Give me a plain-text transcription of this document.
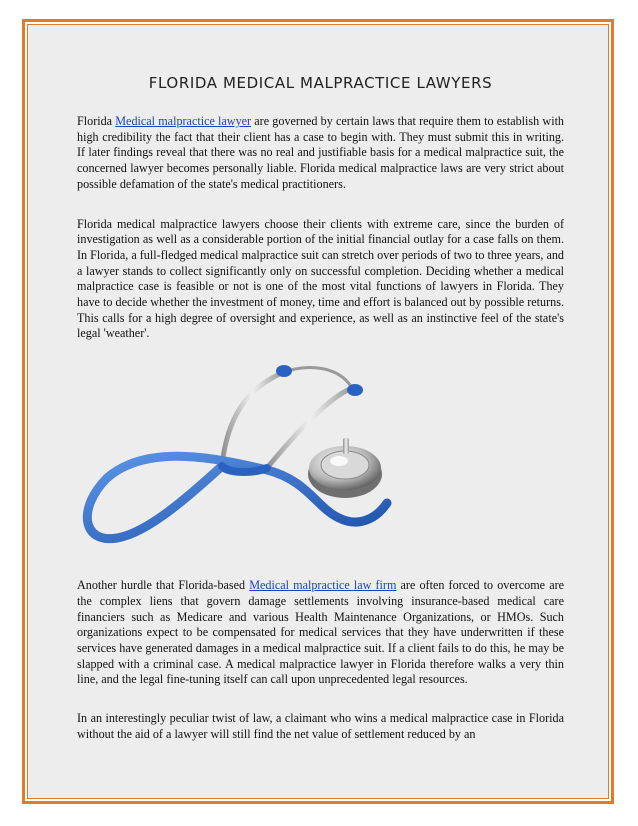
FLORIDA MEDICAL MALPRACTICE LAWYERS

Florida Medical malpractice lawyer are governed by certain laws that require them to establish with high credibility the fact that their client has a case to begin with. They must submit this in writing. If later findings reveal that there was no real and justifiable basis for a medical malpractice suit, the concerned lawyer becomes personally liable. Florida medical malpractice laws are very strict about possible defamation of the state's medical practitioners.

Florida medical malpractice lawyers choose their clients with extreme care, since the burden of investigation as well as a considerable portion of the initial financial outlay for a case falls on them. In Florida, a full-fledged medical malpractice suit can stretch over periods of two to three years, and a lawyer stands to collect significantly only on successful completion. Deciding whether a medical malpractice case is feasible or not is one of the most vital functions of lawyers in Florida. They have to decide whether the investment of money, time and effort is balanced out by possible returns. This calls for a high degree of oversight and experience, as well as an instinctive feel of the state's legal 'weather'.

Another hurdle that Florida-based Medical malpractice law firm are often forced to overcome are the complex liens that govern damage settlements involving insurance-based medical care financiers such as Medicare and various Health Maintenance Organizations, or HMOs. Such organizations expect to be compensated for medical services that they have underwritten if these services have generated damages in a medical malpractice suit. If a client fails to do this, he may be slapped with a criminal case. A medical malpractice lawyer in Florida therefore walks a very thin line, and the legal fine-tuning itself can call upon unprecedented legal resources.

In an interestingly peculiar twist of law, a claimant who wins a medical malpractice case in Florida without the aid of a lawyer will still find the net value of settlement reduced by an
